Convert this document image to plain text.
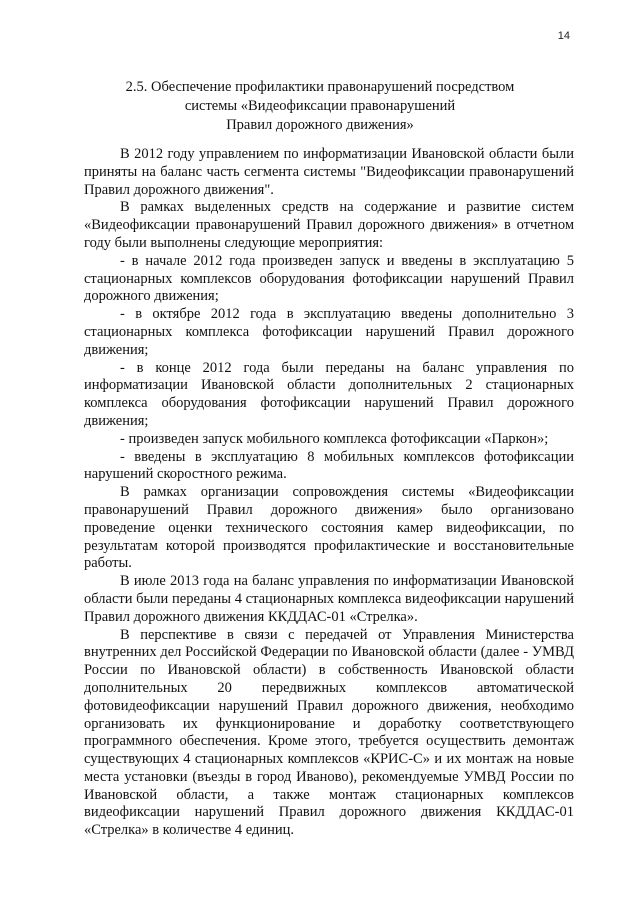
14
2.5. Обеспечение профилактики правонарушений посредством
системы «Видеофиксации правонарушений
Правил дорожного движения»

В 2012 году управлением по информатизации Ивановской области были приняты на баланс часть сегмента системы "Видеофиксации правонарушений Правил дорожного движения".

В рамках выделенных средств на содержание и развитие систем «Видеофиксации правонарушений Правил дорожного движения» в отчетном году были выполнены следующие мероприятия:

- в начале 2012 года произведен запуск и введены в эксплуатацию 5 стационарных комплексов оборудования фотофиксации нарушений Правил дорожного движения;

- в октябре 2012 года в эксплуатацию введены дополнительно 3 стационарных комплекса фотофиксации нарушений Правил дорожного движения;

- в конце 2012 года были переданы на баланс управления по информатизации Ивановской области дополнительных 2 стационарных комплекса оборудования фотофиксации нарушений Правил дорожного движения;

- произведен запуск мобильного комплекса фотофиксации «Паркон»;

- введены в эксплуатацию 8 мобильных комплексов фотофиксации нарушений скоростного режима.

В рамках организации сопровождения системы «Видеофиксации правонарушений Правил дорожного движения» было организовано проведение оценки технического состояния камер видеофиксации, по результатам которой производятся профилактические и восстановительные работы.

В июле 2013 года на баланс управления по информатизации Ивановской области были переданы 4 стационарных комплекса видеофиксации нарушений Правил дорожного движения ККДДАС-01 «Стрелка».

В перспективе в связи с передачей от Управления Министерства внутренних дел Российской Федерации по Ивановской области (далее - УМВД России по Ивановской области) в собственность Ивановской области дополнительных 20 передвижных комплексов автоматической фотовидеофиксации нарушений Правил дорожного движения, необходимо организовать их функционирование и доработку соответствующего программного обеспечения. Кроме этого, требуется осуществить демонтаж существующих 4 стационарных комплексов «КРИС-С» и их монтаж на новые места установки (въезды в город Иваново), рекомендуемые УМВД России по Ивановской области, а также монтаж стационарных комплексов видеофиксации нарушений Правил дорожного движения ККДДАС-01 «Стрелка» в количестве 4 единиц.
